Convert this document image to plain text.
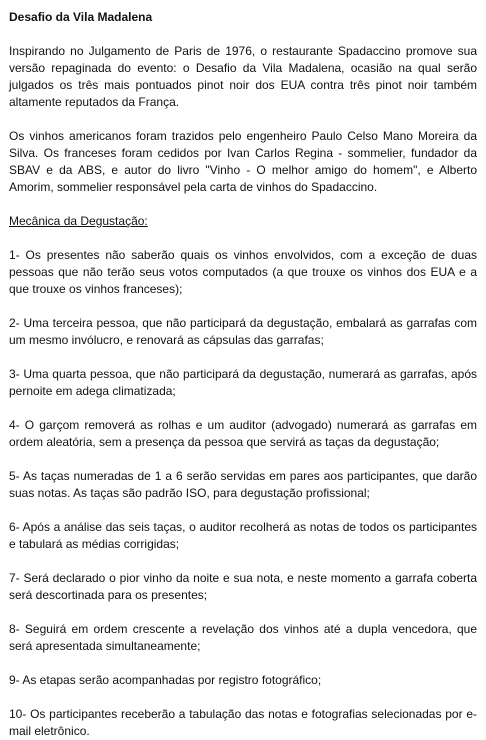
Desafio da Vila Madalena

Inspirando no Julgamento de Paris de 1976, o restaurante Spadaccino promove sua versão repaginada do evento: o Desafio da Vila Madalena, ocasião na qual serão julgados os três mais pontuados pinot noir dos EUA contra três pinot noir também altamente reputados da França.

Os vinhos americanos foram trazidos pelo engenheiro Paulo Celso Mano Moreira da Silva. Os franceses foram cedidos por Ivan Carlos Regina - sommelier, fundador da SBAV e da ABS, e autor do livro "Vinho - O melhor amigo do homem", e Alberto Amorim, sommelier responsável pela carta de vinhos do Spadaccino.

Mecânica da Degustação:

1- Os presentes não saberão quais os vinhos envolvidos, com a exceção de duas pessoas que não terão seus votos computados (a que trouxe os vinhos dos EUA e a que trouxe os vinhos franceses);

2- Uma terceira pessoa, que não participará da degustação, embalará as garrafas com um mesmo invólucro, e renovará as cápsulas das garrafas;

3- Uma quarta pessoa, que não participará da degustação, numerará as garrafas, após pernoite em adega climatizada;

4- O garçom removerá as rolhas e um auditor (advogado) numerará as garrafas em ordem aleatória, sem a presença da pessoa que servirá as taças da degustação;

5- As taças numeradas de 1 a 6 serão servidas em pares aos participantes, que darão suas notas. As taças são padrão ISO, para degustação profissional;

6- Após a análise das seis taças, o auditor recolherá as notas de todos os participantes e tabulará as médias corrigidas;

7- Será declarado o pior vinho da noite e sua nota, e neste momento a garrafa coberta será descortinada para os presentes;

8- Seguirá em ordem crescente a revelação dos vinhos até a dupla vencedora, que será apresentada simultaneamente;

9- As etapas serão acompanhadas por registro fotográfico;

10- Os participantes receberão a tabulação das notas e fotografias selecionadas por e-mail eletrônico.
